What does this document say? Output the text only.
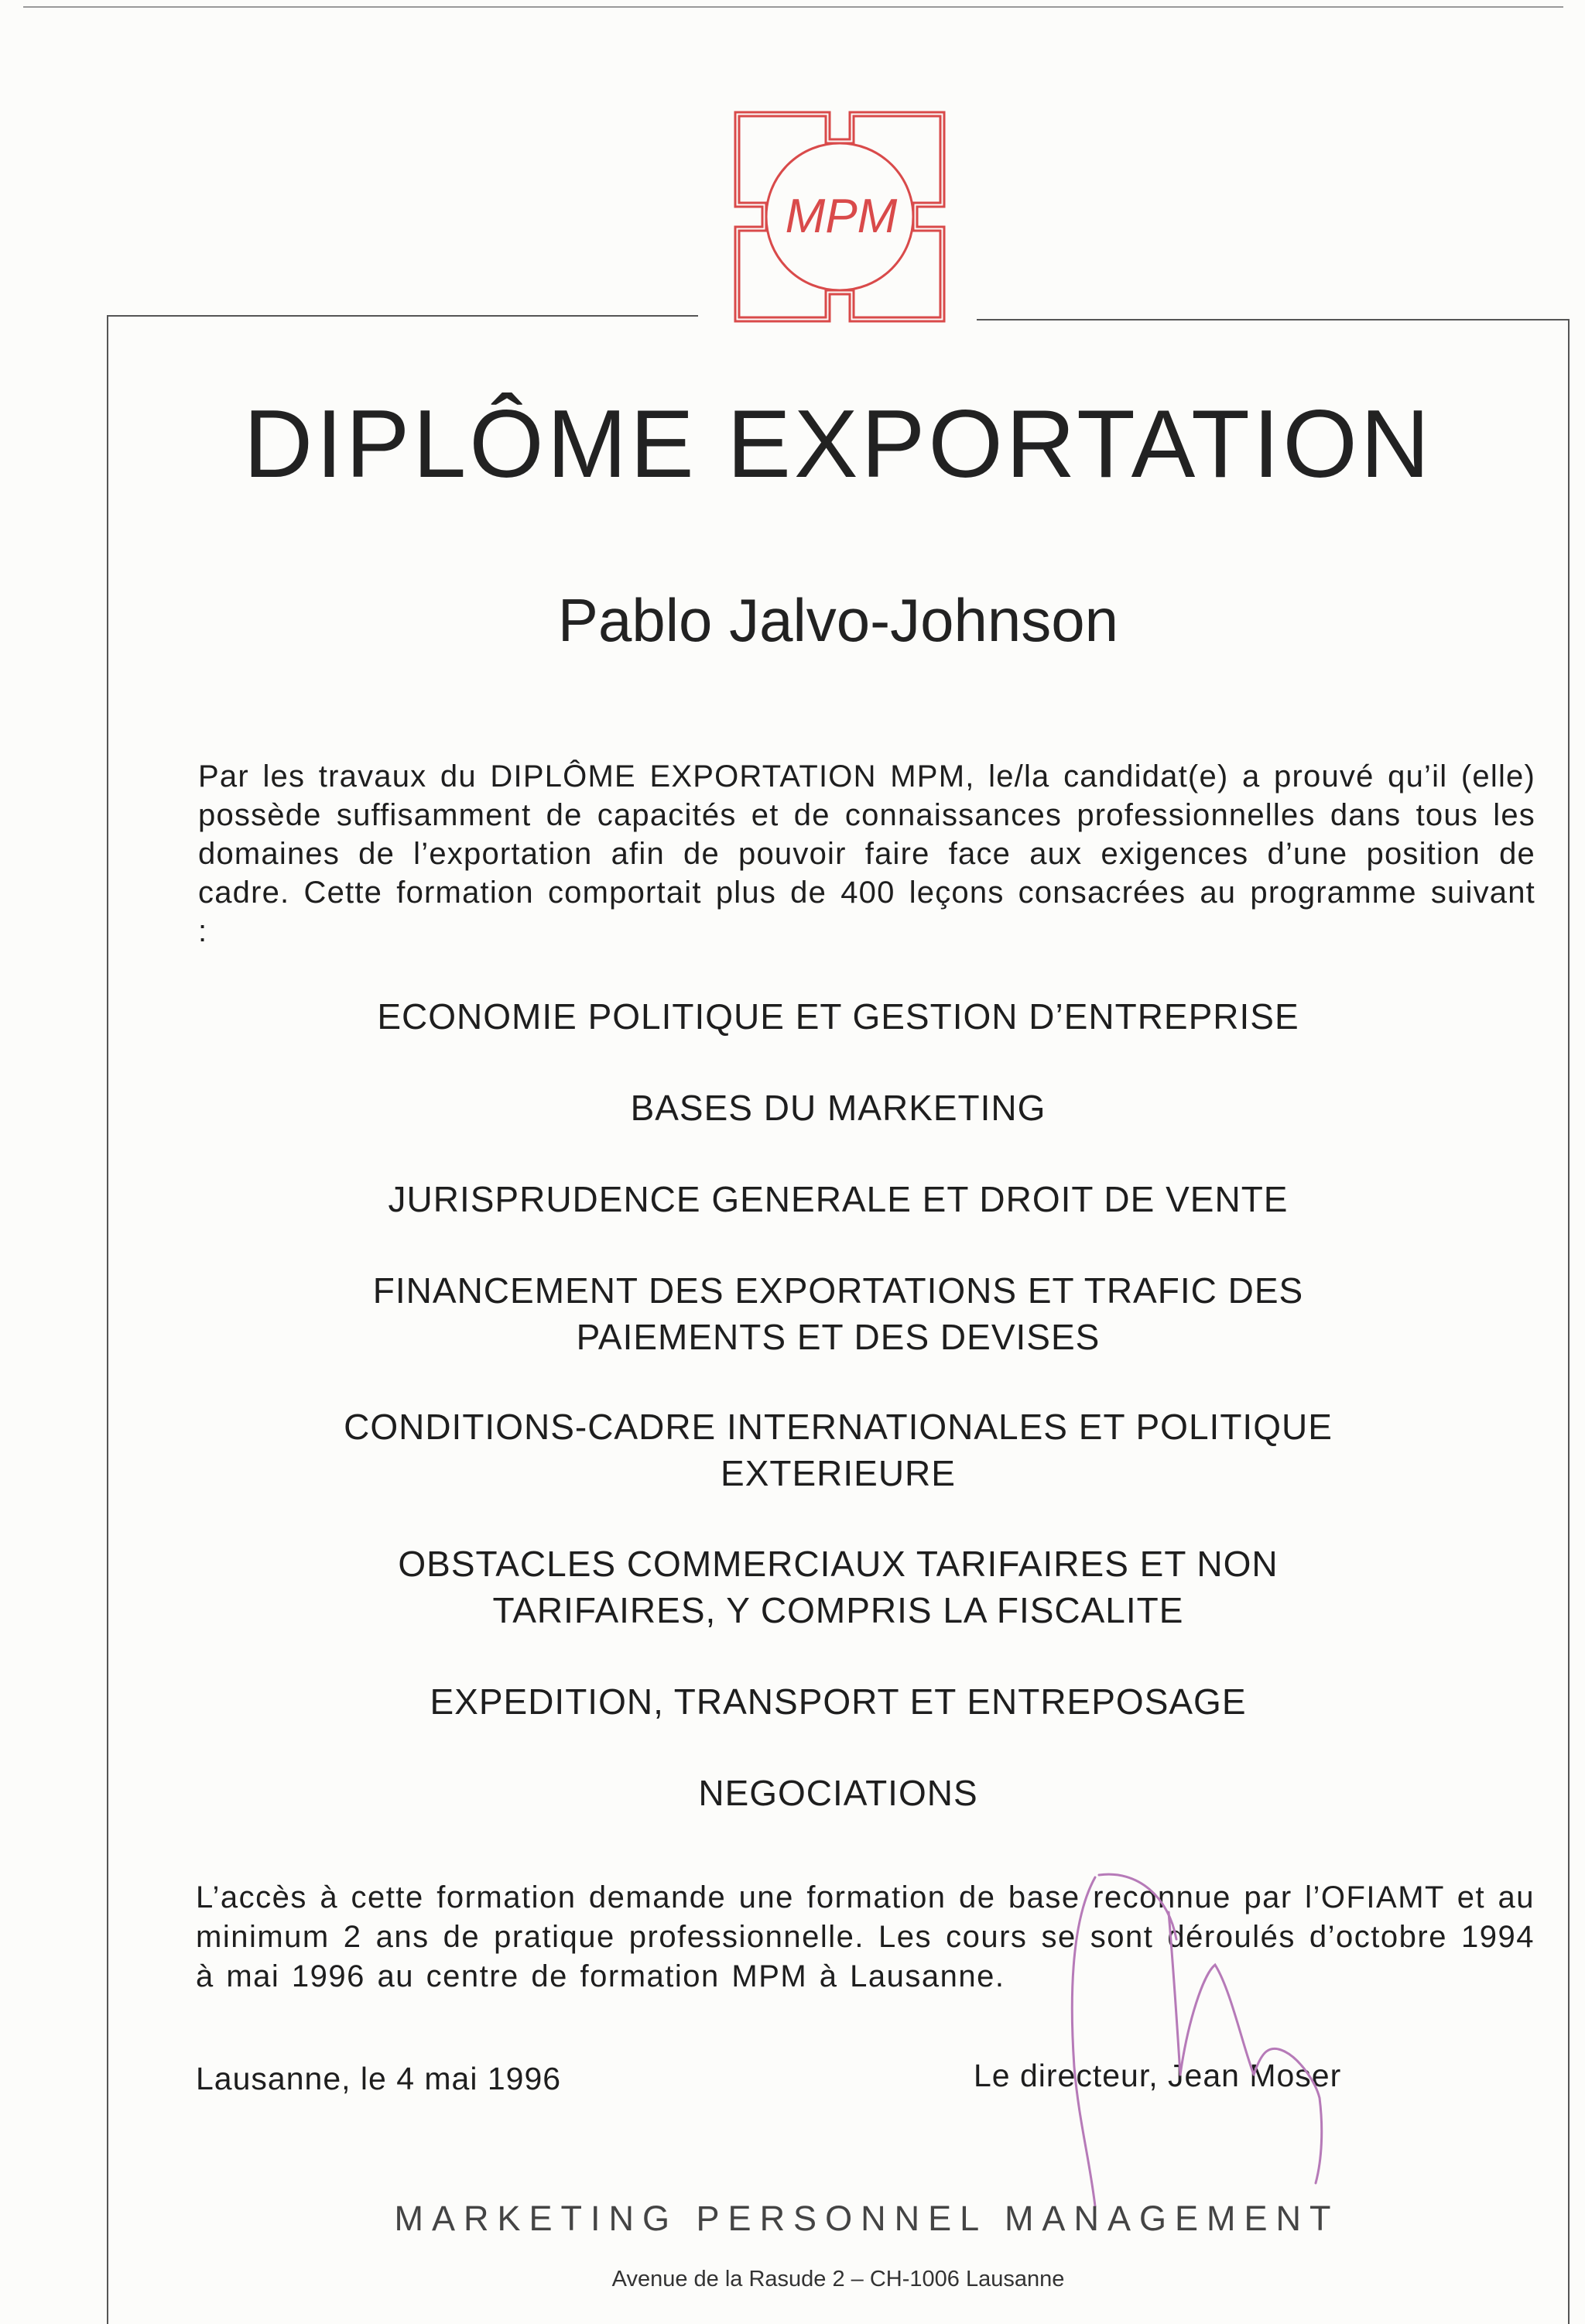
MPM
DIPLÔME EXPORTATION
Pablo Jalvo-Johnson
Par les travaux du DIPLÔME EXPORTATION MPM, le/la candidat(e) a prouvé qu’il (elle) possède suffisamment de capacités et de connaissances professionnelles dans tous les domaines de l’exportation afin de pouvoir faire face aux exigences d’une position de cadre. Cette formation comportait plus de 400 leçons consacrées au programme suivant :
ECONOMIE POLITIQUE ET GESTION D’ENTREPRISE
BASES DU MARKETING
JURISPRUDENCE GENERALE ET DROIT DE VENTE
FINANCEMENT DES EXPORTATIONS ET TRAFIC DES
PAIEMENTS ET DES DEVISES
CONDITIONS-CADRE INTERNATIONALES ET POLITIQUE
EXTERIEURE
OBSTACLES COMMERCIAUX TARIFAIRES ET NON
TARIFAIRES, Y COMPRIS LA FISCALITE
EXPEDITION, TRANSPORT ET ENTREPOSAGE
NEGOCIATIONS
L’accès à cette formation demande une formation de base reconnue par l’OFIAMT et au minimum 2 ans de pratique professionnelle. Les cours se sont déroulés d’octobre 1994 à mai 1996 au centre de formation MPM à Lausanne.
Lausanne, le 4 mai 1996	Le directeur, Jean Moser
MARKETING PERSONNEL MANAGEMENT
Avenue de la Rasude 2 – CH-1006 Lausanne
